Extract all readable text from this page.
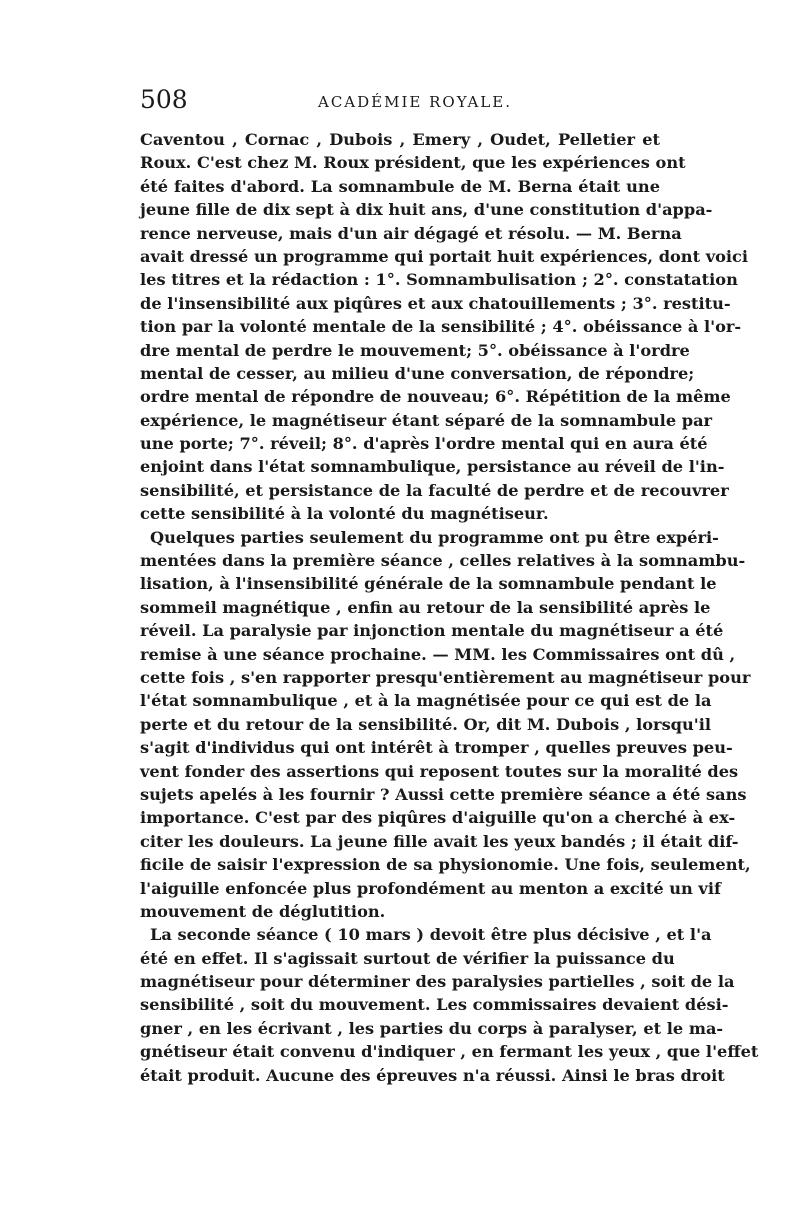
508	ACADÉMIE ROYALE.
Caventou , Cornac , Dubois , Emery , Oudet, Pelletier et
Roux. C'est chez M. Roux président, que les expériences ont
été faites d'abord. La somnambule de M. Berna était une
jeune fille de dix sept à dix huit ans, d'une constitution d'appa-
rence nerveuse, mais d'un air dégagé et résolu. — M. Berna
avait dressé un programme qui portait huit expériences, dont voici
les titres et la rédaction : 1°. Somnambulisation ; 2°. constatation
de l'insensibilité aux piqûres et aux chatouillements ; 3°. restitu-
tion par la volonté mentale de la sensibilité ; 4°. obéissance à l'or-
dre mental de perdre le mouvement; 5°. obéissance à l'ordre
mental de cesser, au milieu d'une conversation, de répondre;
ordre mental de répondre de nouveau; 6°. Répétition de la même
expérience, le magnétiseur étant séparé de la somnambule par
une porte; 7°. réveil; 8°. d'après l'ordre mental qui en aura été
enjoint dans l'état somnambulique, persistance au réveil de l'in-
sensibilité, et persistance de la faculté de perdre et de recouvrer
cette sensibilité à la volonté du magnétiseur.
Quelques parties seulement du programme ont pu être expéri-
mentées dans la première séance , celles relatives à la somnambu-
lisation, à l'insensibilité générale de la somnambule pendant le
sommeil magnétique , enfin au retour de la sensibilité après le
réveil. La paralysie par injonction mentale du magnétiseur a été
remise à une séance prochaine. — MM. les Commissaires ont dû ,
cette fois , s'en rapporter presqu'entièrement au magnétiseur pour
l'état somnambulique , et à la magnétisée pour ce qui est de la
perte et du retour de la sensibilité. Or, dit M. Dubois , lorsqu'il
s'agit d'individus qui ont intérêt à tromper , quelles preuves peu-
vent fonder des assertions qui reposent toutes sur la moralité des
sujets apelés à les fournir ? Aussi cette première séance a été sans
importance. C'est par des piqûres d'aiguille qu'on a cherché à ex-
citer les douleurs. La jeune fille avait les yeux bandés ; il était dif-
ficile de saisir l'expression de sa physionomie. Une fois, seulement,
l'aiguille enfoncée plus profondément au menton a excité un vif
mouvement de déglutition.
La seconde séance ( 10 mars ) devoit être plus décisive , et l'a
été en effet. Il s'agissait surtout de vérifier la puissance du
magnétiseur pour déterminer des paralysies partielles , soit de la
sensibilité , soit du mouvement. Les commissaires devaient dési-
gner , en les écrivant , les parties du corps à paralyser, et le ma-
gnétiseur était convenu d'indiquer , en fermant les yeux , que l'effet
était produit. Aucune des épreuves n'a réussi. Ainsi le bras droit
